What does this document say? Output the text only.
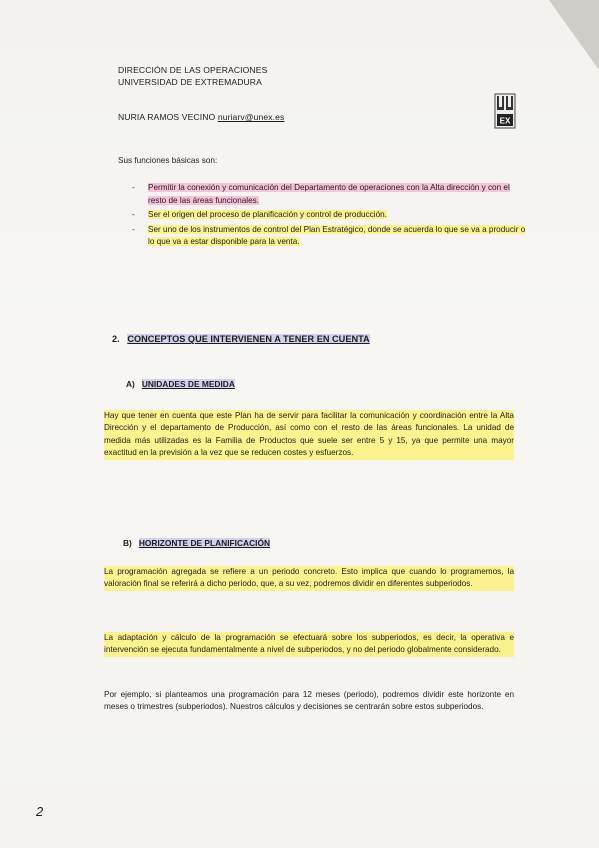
DIRECCIÓN DE LAS OPERACIONES
UNIVERSIDAD DE EXTREMADURA
EX
NURIA RAMOS VECINO nuriarv@unex.es
Sus funciones básicas son:
- Permitir la conexión y comunicación del Departamento de operaciones con la Alta dirección y con el resto de las áreas funcionales.
- Ser el origen del proceso de planificación y control de producción.
- Ser uno de los instrumentos de control del Plan Estratégico, donde se acuerda lo que se va a producir o lo que va a estar disponible para la venta.
2. CONCEPTOS QUE INTERVIENEN A TENER EN CUENTA
A) UNIDADES DE MEDIDA
Hay que tener en cuenta que este Plan ha de servir para facilitar la comunicación y coordinación entre la Alta Dirección y el departamento de Producción, así como con el resto de las áreas funcionales. La unidad de medida más utilizadas es la Familia de Productos que suele ser entre 5 y 15, ya que permite una mayor exactitud en la previsión a la vez que se reducen costes y esfuerzos.
B) HORIZONTE DE PLANIFICACIÓN
La programación agregada se refiere a un periodo concreto. Esto implica que cuando lo programemos, la valoración final se referirá a dicho periodo, que, a su vez, podremos dividir en diferentes subperiodos.
La adaptación y cálculo de la programación se efectuará sobre los subperiodos, es decir, la operativa e intervención se ejecuta fundamentalmente a nivel de subperiodos, y no del periodo globalmente considerado.
Por ejemplo, si planteamos una programación para 12 meses (periodo), podremos dividir este horizonte en meses o trimestres (subperiodos). Nuestros cálculos y decisiones se centrarán sobre estos subperiodos.
2
